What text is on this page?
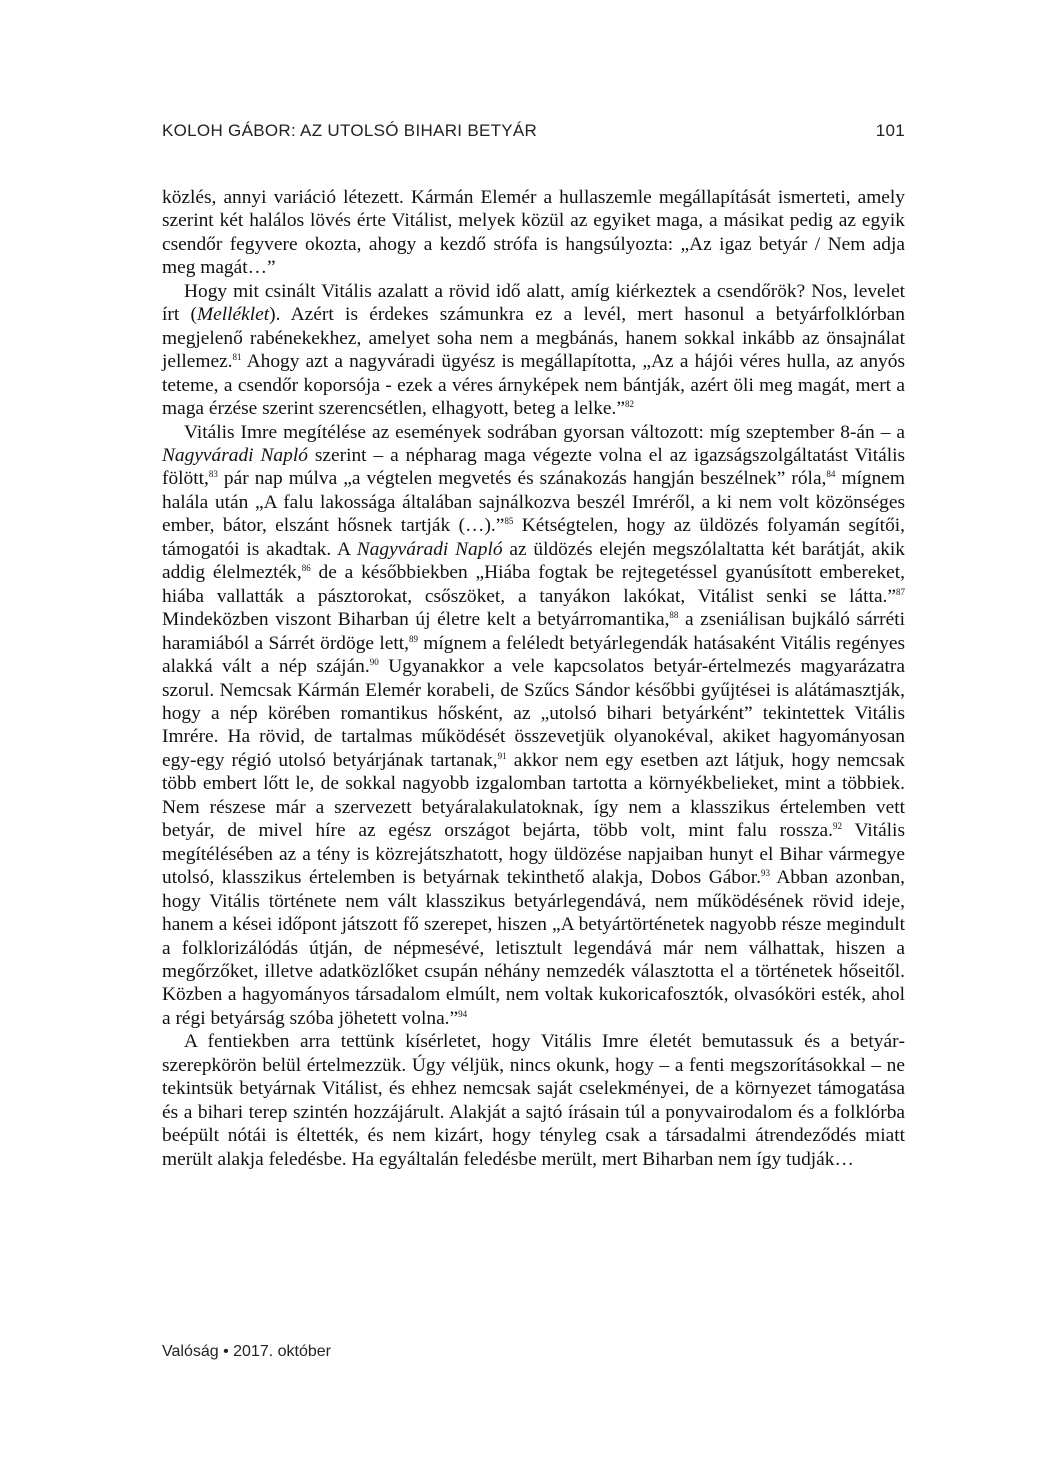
KOLOH GÁBOR: AZ UTOLSÓ BIHARI BETYÁR	101

közlés, annyi variáció létezett. Kármán Elemér a hullaszemle megállapítását ismerteti, amely szerint két halálos lövés érte Vitálist, melyek közül az egyiket maga, a másikat pedig az egyik csendőr fegyvere okozta, ahogy a kezdő strófa is hangsúlyozta: „Az igaz betyár / Nem adja meg magát…”

Hogy mit csinált Vitális azalatt a rövid idő alatt, amíg kiérkeztek a csendőrök? Nos, levelet írt (Melléklet). Azért is érdekes számunkra ez a levél, mert hasonul a betyárfolklórban megjelenő rabénekekhez, amelyet soha nem a megbánás, hanem sokkal inkább az önsajnálat jellemez.$^{81}$ Ahogy azt a nagyváradi ügyész is megállapította, „Az a hájói véres hulla, az anyós teteme, a csendőr koporsója - ezek a véres árnyképek nem bántják, azért öli meg magát, mert a maga érzése szerint szerencsétlen, elhagyott, beteg a lelke.”$^{82}$

Vitális Imre megítélése az események sodrában gyorsan változott: míg szeptember 8-án – a Nagyváradi Napló szerint – a népharag maga végezte volna el az igazságszolgáltatást Vitális fölött,$^{83}$ pár nap múlva „a végtelen megvetés és szánakozás hangján beszélnek” róla,$^{84}$ mígnem halála után „A falu lakossága általában sajnálkozva beszél Imréről, a ki nem volt közönséges ember, bátor, elszánt hősnek tartják (…).”$^{85}$ Kétségtelen, hogy az üldözés folyamán segítői, támogatói is akadtak. A Nagyváradi Napló az üldözés elején megszólaltatta két barátját, akik addig élelmezték,$^{86}$ de a későbbiekben „Hiába fogtak be rejtegetéssel gyanúsított embereket, hiába vallatták a pásztorokat, csőszöket, a tanyákon lakókat, Vitálist senki se látta.”$^{87}$ Mindeközben viszont Biharban új életre kelt a betyárromantika,$^{88}$ a zseniálisan bujkáló sárréti haramiából a Sárrét ördöge lett,$^{89}$ mígnem a feléledt betyárlegendák hatásaként Vitális regényes alakká vált a nép száján.$^{90}$ Ugyanakkor a vele kapcsolatos betyár-értelmezés magyarázatra szorul. Nemcsak Kármán Elemér korabeli, de Szűcs Sándor későbbi gyűjtései is alátámasztják, hogy a nép körében romantikus hősként, az „utolsó bihari betyárként” tekintettek Vitális Imrére. Ha rövid, de tartalmas működését összevetjük olyanokéval, akiket hagyományosan egy-egy régió utolsó betyárjának tartanak,$^{91}$ akkor nem egy esetben azt látjuk, hogy nemcsak több embert lőtt le, de sokkal nagyobb izgalomban tartotta a környékbelieket, mint a többiek. Nem részese már a szervezett betyáralakulatoknak, így nem a klasszikus értelemben vett betyár, de mivel híre az egész országot bejárta, több volt, mint falu rossza.$^{92}$ Vitális megítélésében az a tény is közrejátszhatott, hogy üldözése napjaiban hunyt el Bihar vármegye utolsó, klasszikus értelemben is betyárnak tekinthető alakja, Dobos Gábor.$^{93}$ Abban azonban, hogy Vitális története nem vált klasszikus betyárlegendává, nem működésének rövid ideje, hanem a kései időpont játszott fő szerepet, hiszen „A betyártörténetek nagyobb része megindult a folklorizálódás útján, de népmesévé, letisztult legendává már nem válhattak, hiszen a megőrzőket, illetve adatközlőket csupán néhány nemzedék választotta el a történetek hőseitől. Közben a hagyományos társadalom elmúlt, nem voltak kukoricafosztók, olvasóköri esték, ahol a régi betyárság szóba jöhetett volna.”$^{94}$

A fentiekben arra tettünk kísérletet, hogy Vitális Imre életét bemutassuk és a betyárszerepkörön belül értelmezzük. Úgy véljük, nincs okunk, hogy – a fenti megszorításokkal – ne tekintsük betyárnak Vitálist, és ehhez nemcsak saját cselekményei, de a környezet támogatása és a bihari terep szintén hozzájárult. Alakját a sajtó írásain túl a ponyvairodalom és a folklórba beépült nótái is éltették, és nem kizárt, hogy tényleg csak a társadalmi átrendeződés miatt merült alakja feledésbe. Ha egyáltalán feledésbe merült, mert Biharban nem így tudják…

Valóság • 2017. október
